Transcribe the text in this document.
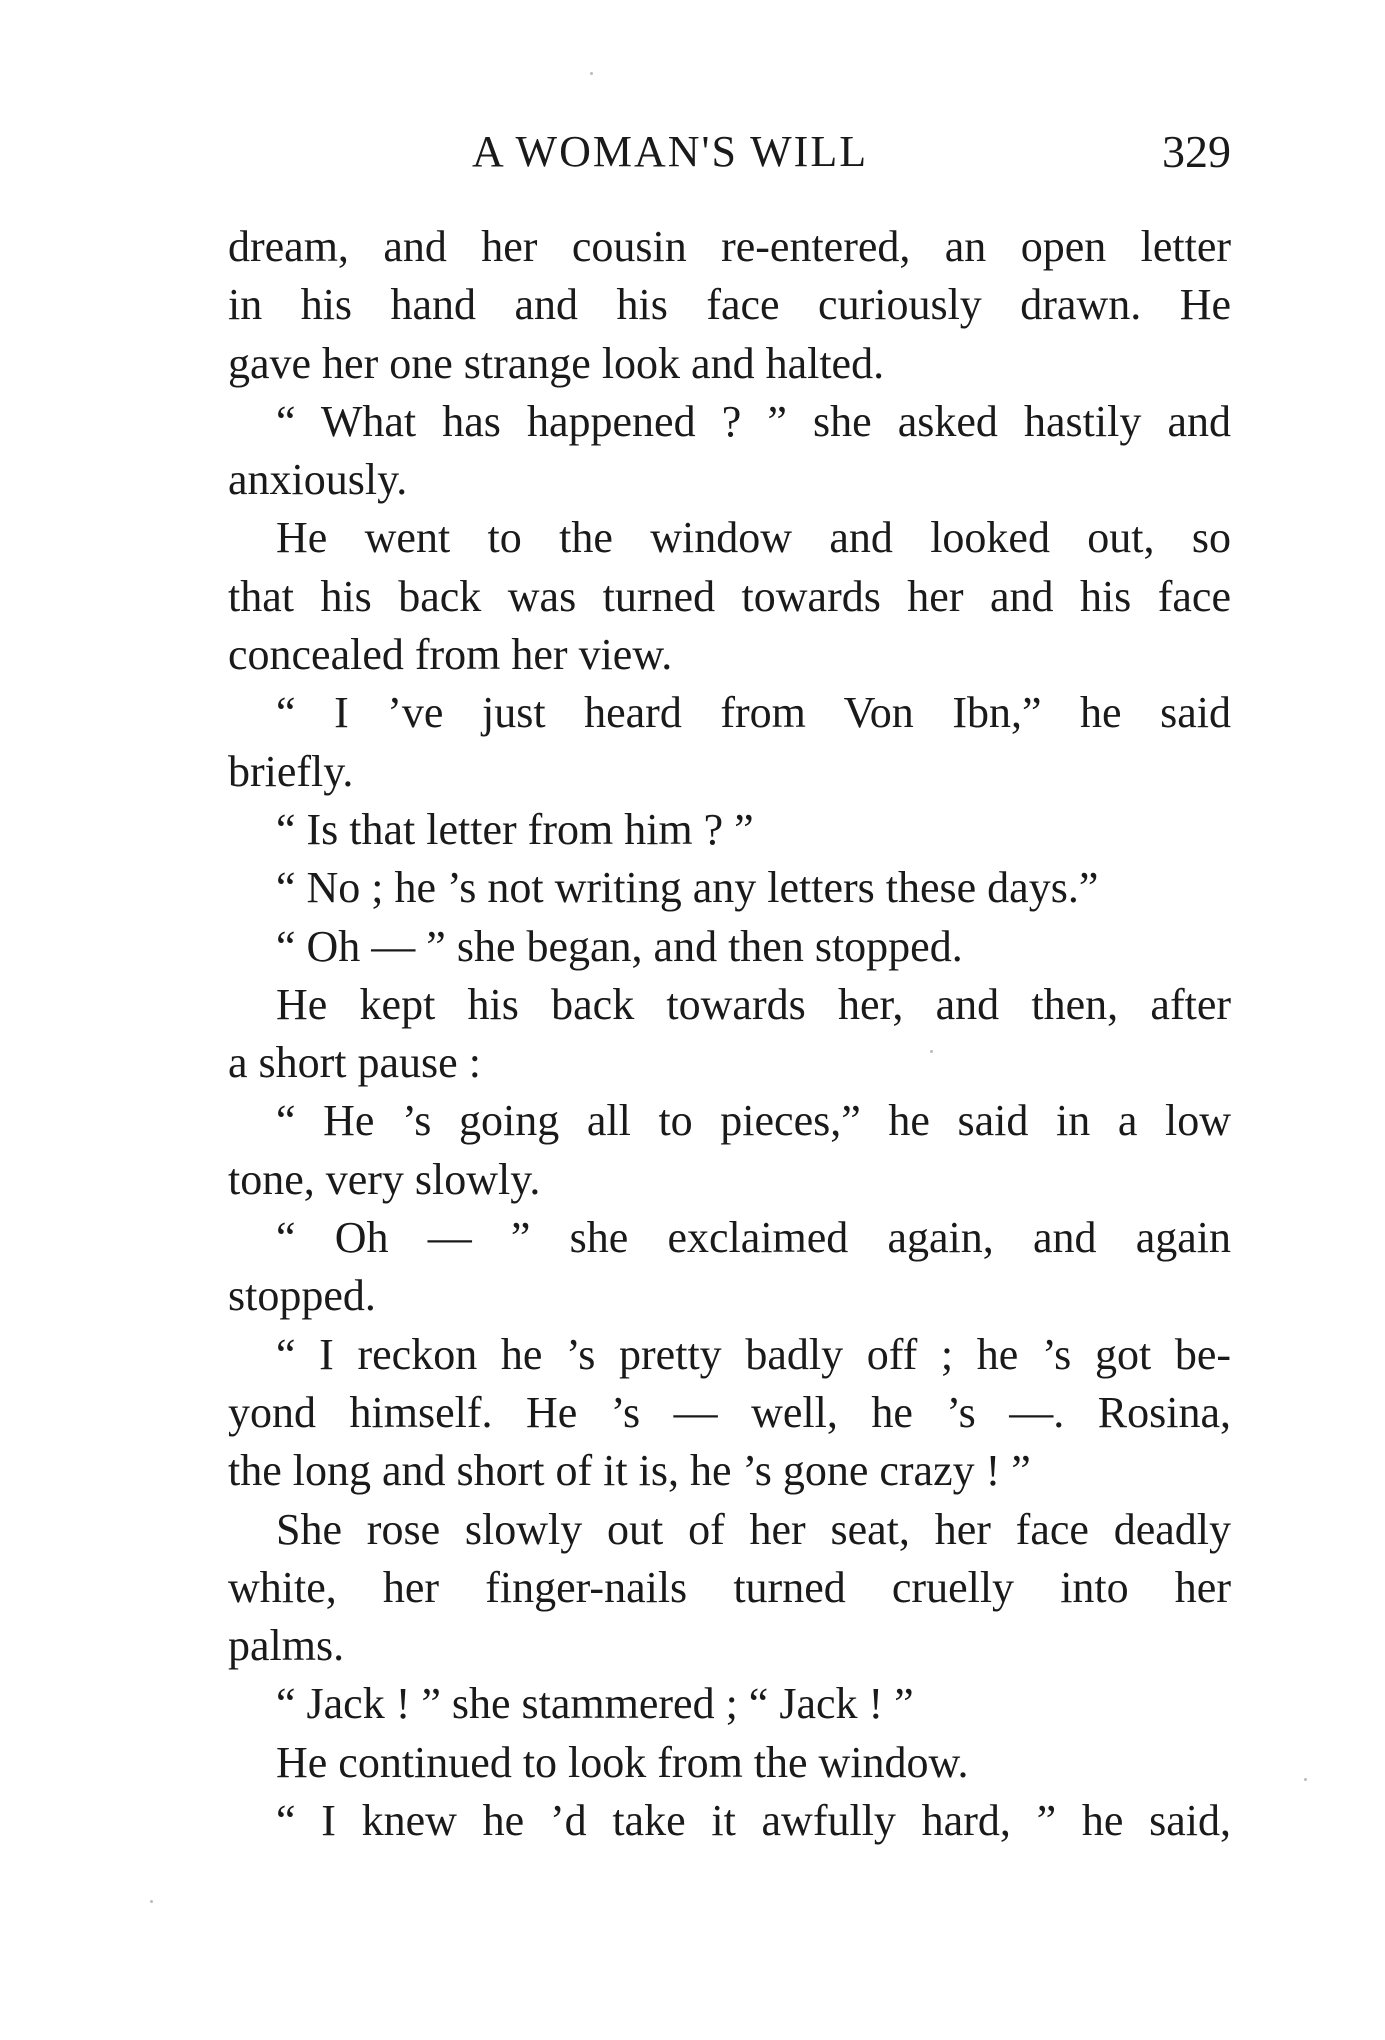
A WOMAN'S WILL	329
dream, and her cousin re-entered, an open letter
in his hand and his face curiously drawn. He
gave her one strange look and halted.
“ What has happened ? ” she asked hastily and
anxiously.
He went to the window and looked out, so
that his back was turned towards her and his face
concealed from her view.
“ I ’ve just heard from Von Ibn,” he said
briefly.
“ Is that letter from him ? ”
“ No ; he ’s not writing any letters these days.”
“ Oh — ” she began, and then stopped.
He kept his back towards her, and then, after
a short pause :
“ He ’s going all to pieces,” he said in a low
tone, very slowly.
“ Oh — ” she exclaimed again, and again
stopped.
“ I reckon he ’s pretty badly off ; he ’s got be-
yond himself. He ’s — well, he ’s —. Rosina,
the long and short of it is, he ’s gone crazy ! ”
She rose slowly out of her seat, her face deadly
white, her finger-nails turned cruelly into her
palms.
“ Jack ! ” she stammered ; “ Jack ! ”
He continued to look from the window.
“ I knew he ’d take it awfully hard, ” he said,
